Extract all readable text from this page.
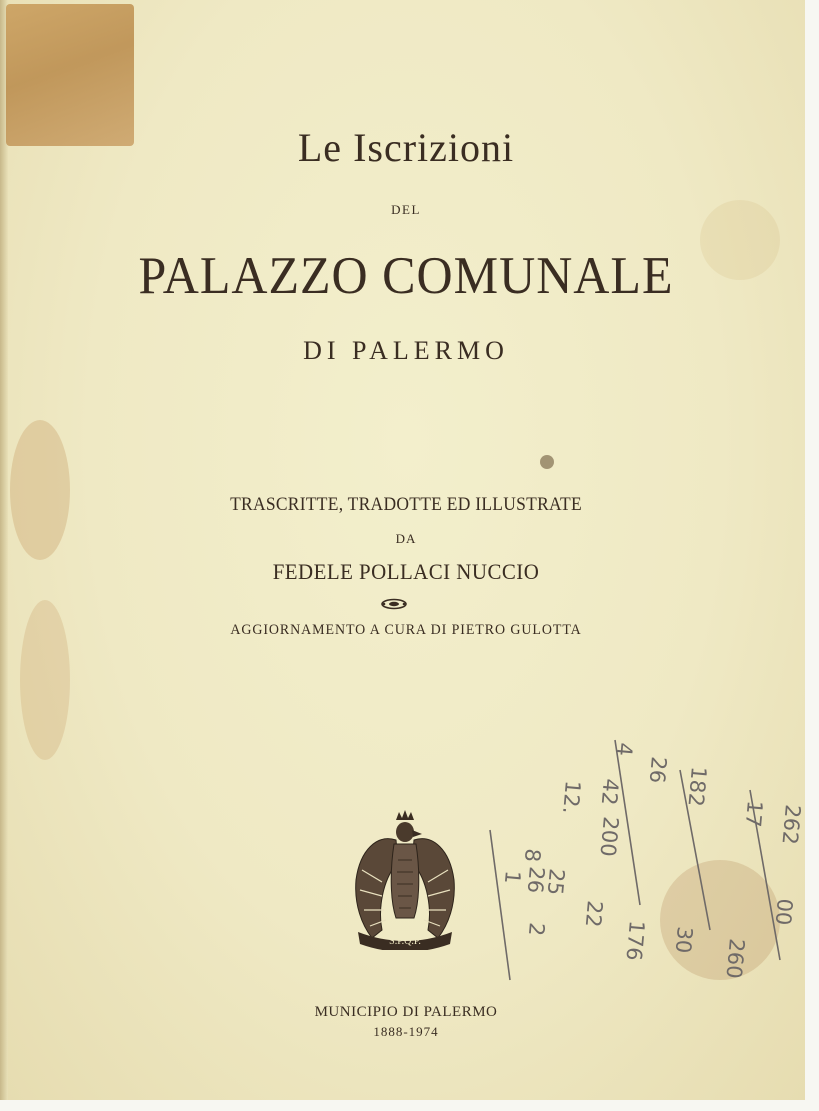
Le Iscrizioni
DEL
PALAZZO COMUNALE
DI PALERMO
TRASCRITTE, TRADOTTE ED ILLUSTRATE
DA
FEDELE POLLACI NUCCIO
AGGIORNAMENTO A CURA DI PIETRO GULOTTA
S.P.Q.P.
MUNICIPIO DI PALERMO
1888-1974
26 182
4
42
200
12.	17 262
00
8
1 25
26
2
22
176 30 260
